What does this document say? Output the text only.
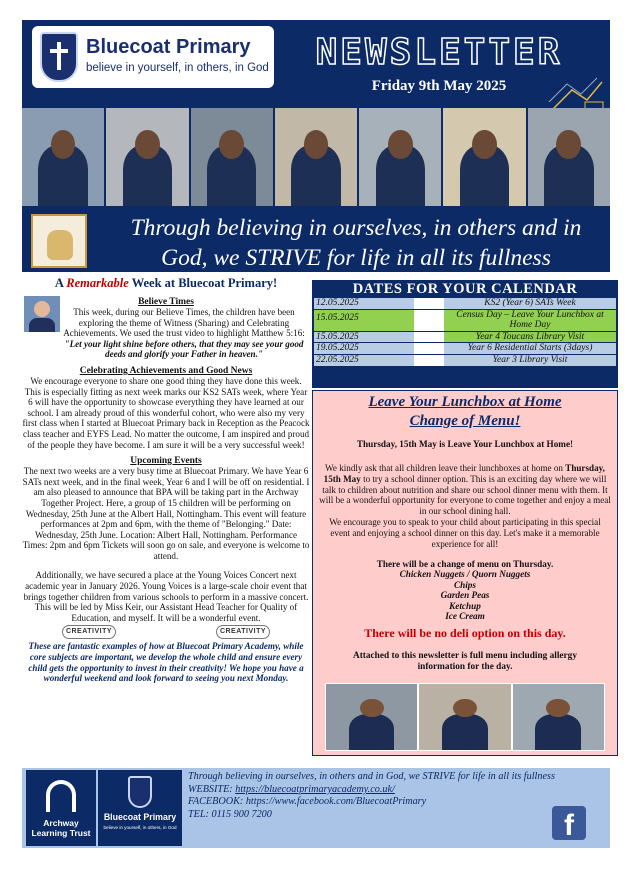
Bluecoat Primary
believe in yourself, in others, in God	NEWSLETTER
Friday 9th May 2025
Through believing in ourselves, in others and in God, we STRIVE for life in all its fullness
A Remarkable Week at Bluecoat Primary!
Believe Times
This week, during our Believe Times, the children have been exploring the theme of Witness (Sharing) and Celebrating Achievements. We used the trust video to highlight Matthew 5:16: "Let your light shine before others, that they may see your good deeds and glorify your Father in heaven."
Celebrating Achievements and Good News
We encourage everyone to share one good thing they have done this week. This is especially fitting as next week marks our KS2 SATs week, where Year 6 will have the opportunity to showcase everything they have learned at our school. I am already proud of this wonderful cohort, who were also my very first class when I started at Bluecoat Primary back in Reception as the Peacock class teacher and EYFS Lead. No matter the outcome, I am inspired and proud of the people they have become. I am sure it will be a very successful week!
Upcoming Events
The next two weeks are a very busy time at Bluecoat Primary. We have Year 6 SATs next week, and in the final week, Year 6 and I will be off on residential. I am also pleased to announce that BPA will be taking part in the Archway Together Project. Here, a group of 15 children will be performing on Wednesday, 25th June at the Albert Hall, Nottingham. This event will feature performances at 2pm and 6pm, with the theme of "Belonging." Date: Wednesday, 25th June. Location: Albert Hall, Nottingham. Performance Times: 2pm and 6pm Tickets will soon go on sale, and everyone is welcome to attend.
Additionally, we have secured a place at the Young Voices Concert next academic year in January 2026. Young Voices is a large-scale choir event that brings together children from various schools to perform in a massive concert. This will be led by Miss Keir, our Assistant Head Teacher for Quality of Education, and myself. It will be a wonderful event.
CREATIVITY	CREATIVITY
These are fantastic examples of how at Bluecoat Primary Academy, while core subjects are important, we develop the whole child and ensure every child gets the opportunity to invest in their creativity! We hope you have a wonderful weekend and look forward to seeing you next Monday.
DATES FOR YOUR CALENDAR
12.05.2025	KS2 (Year 6) SATs Week
15.05.2025	Census Day – Leave Your Lunchbox at Home Day
15.05.2025	Year 4 Toucans Library Visit
19.05.2025	Year 6 Residential Starts (3days)
22.05.2025	Year 3 Library Visit
Leave Your Lunchbox at Home
Change of Menu!
Thursday, 15th May is Leave Your Lunchbox at Home!
We kindly ask that all children leave their lunchboxes at home on Thursday, 15th May to try a school dinner option. This is an exciting day where we will talk to children about nutrition and share our school dinner menu with them. It will be a wonderful opportunity for everyone to come together and enjoy a meal in our school dining hall.
We encourage you to speak to your child about participating in this special event and enjoying a school dinner on this day. Let's make it a memorable experience for all!
There will be a change of menu on Thursday.
Chicken Nuggets / Quorn Nuggets
Chips
Garden Peas
Ketchup
Ice Cream
There will be no deli option on this day.
Attached to this newsletter is full menu including allergy information for the day.
Archway Learning Trust
Bluecoat Primary
believe in yourself, in others, in God
Through believing in ourselves, in others and in God, we STRIVE for life in all its fullness
WEBSITE: https://bluecoatprimaryacademy.co.uk/
FACEBOOK: https://www.facebook.com/BluecoatPrimary
TEL: 0115 900 7200	f
